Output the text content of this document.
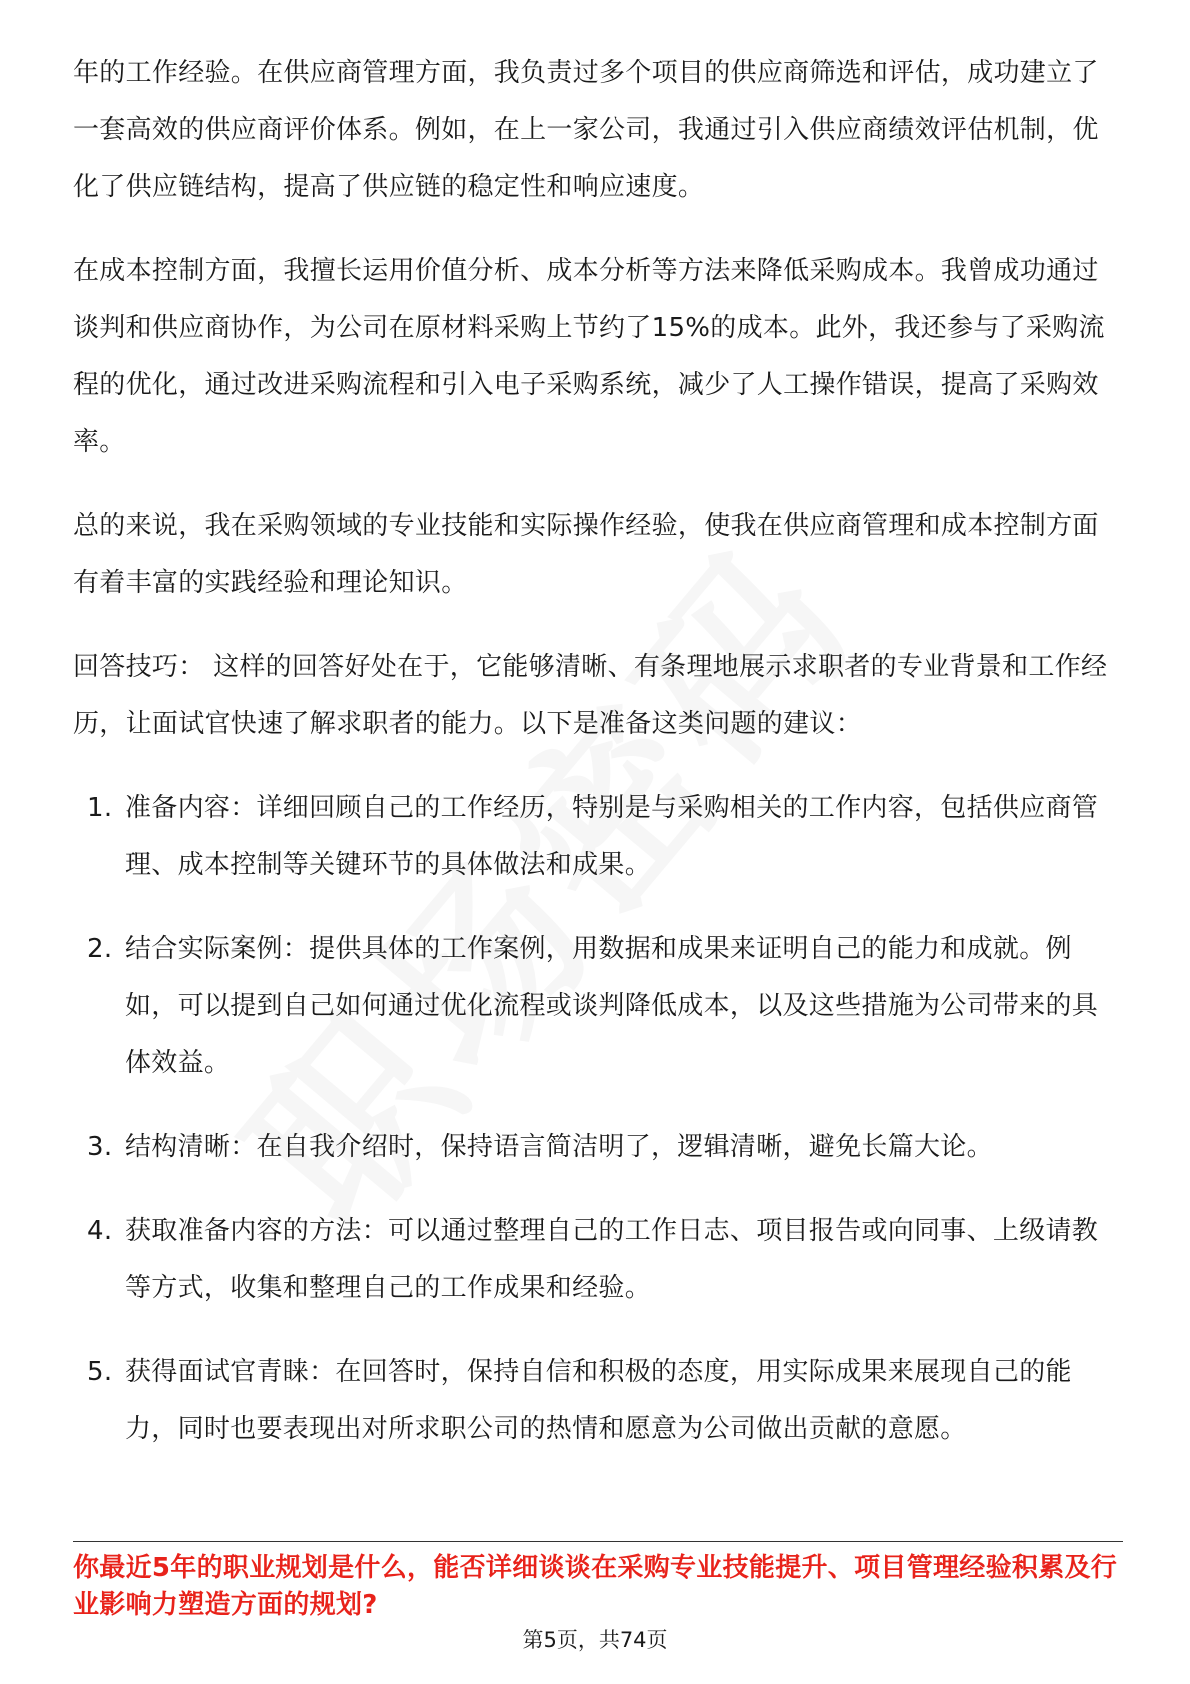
年的工作经验。在供应商管理方面，我负责过多个项目的供应商筛选和评估，成功建立了一套高效的供应商评价体系。例如，在上一家公司，我通过引入供应商绩效评估机制，优化了供应链结构，提高了供应链的稳定性和响应速度。

在成本控制方面，我擅长运用价值分析、成本分析等方法来降低采购成本。我曾成功通过谈判和供应商协作，为公司在原材料采购上节约了15%的成本。此外，我还参与了采购流程的优化，通过改进采购流程和引入电子采购系统，减少了人工操作错误，提高了采购效率。

总的来说，我在采购领域的专业技能和实际操作经验，使我在供应商管理和成本控制方面有着丰富的实践经验和理论知识。

回答技巧： 这样的回答好处在于，它能够清晰、有条理地展示求职者的专业背景和工作经历，让面试官快速了解求职者的能力。以下是准备这类问题的建议：

1. 准备内容：详细回顾自己的工作经历，特别是与采购相关的工作内容，包括供应商管理、成本控制等关键环节的具体做法和成果。
2. 结合实际案例：提供具体的工作案例，用数据和成果来证明自己的能力和成就。例如，可以提到自己如何通过优化流程或谈判降低成本，以及这些措施为公司带来的具体效益。
3. 结构清晰：在自我介绍时，保持语言简洁明了，逻辑清晰，避免长篇大论。
4. 获取准备内容的方法：可以通过整理自己的工作日志、项目报告或向同事、上级请教等方式，收集和整理自己的工作成果和经验。
5. 获得面试官青睐：在回答时，保持自信和积极的态度，用实际成果来展现自己的能力，同时也要表现出对所求职公司的热情和愿意为公司做出贡献的意愿。
你最近5年的职业规划是什么，能否详细谈谈在采购专业技能提升、项目管理经验积累及行业影响力塑造方面的规划?
第5页，共74页
